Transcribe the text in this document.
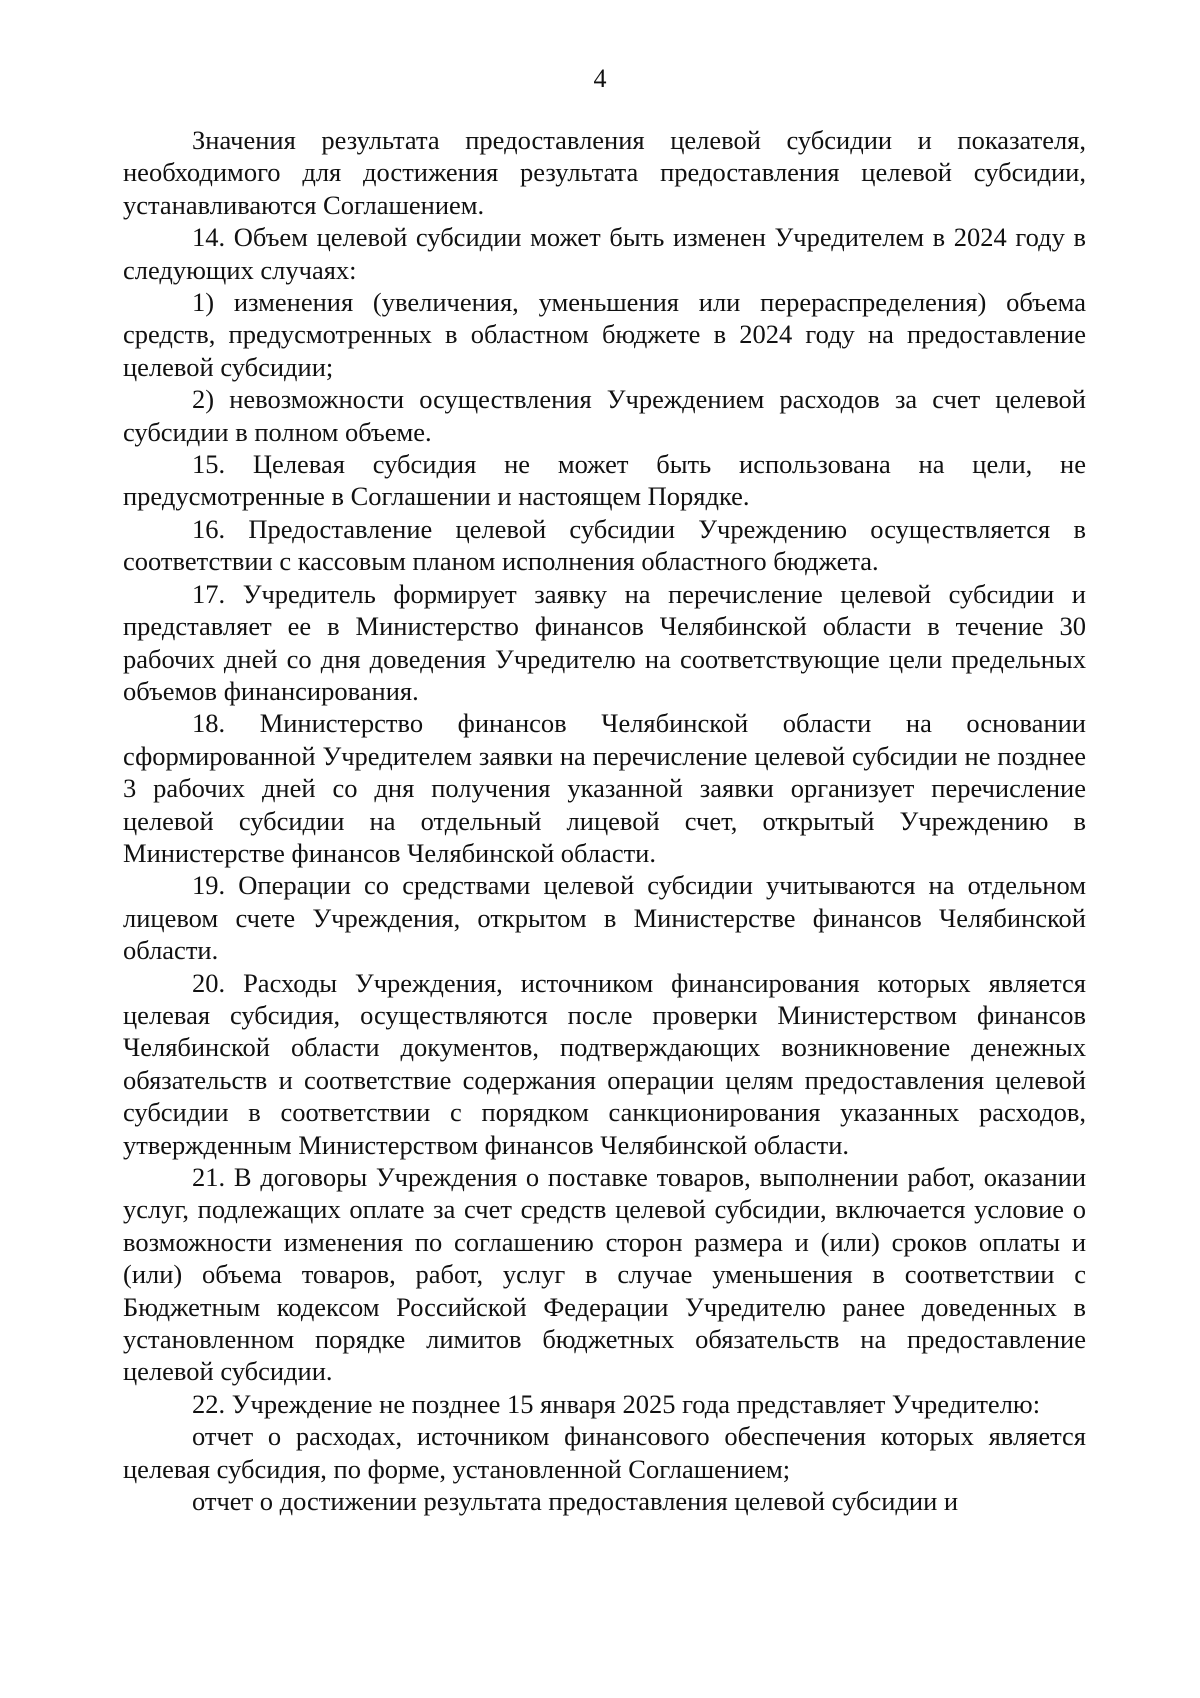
4

Значения результата предоставления целевой субсидии и показателя, необходимого для достижения результата предоставления целевой субсидии, устанавливаются Соглашением.

14. Объем целевой субсидии может быть изменен Учредителем в 2024 году в следующих случаях:

1) изменения (увеличения, уменьшения или перераспределения) объема средств, предусмотренных в областном бюджете в 2024 году на предоставление целевой субсидии;

2) невозможности осуществления Учреждением расходов за счет целевой субсидии в полном объеме.

15. Целевая субсидия не может быть использована на цели, не предусмотренные в Соглашении и настоящем Порядке.

16. Предоставление целевой субсидии Учреждению осуществляется в соответствии с кассовым планом исполнения областного бюджета.

17. Учредитель формирует заявку на перечисление целевой субсидии и представляет ее в Министерство финансов Челябинской области в течение 30 рабочих дней со дня доведения Учредителю на соответствующие цели предельных объемов финансирования.

18. Министерство финансов Челябинской области на основании сформированной Учредителем заявки на перечисление целевой субсидии не позднее 3 рабочих дней со дня получения указанной заявки организует перечисление целевой субсидии на отдельный лицевой счет, открытый Учреждению в Министерстве финансов Челябинской области.

19. Операции со средствами целевой субсидии учитываются на отдельном лицевом счете Учреждения, открытом в Министерстве финансов Челябинской области.

20. Расходы Учреждения, источником финансирования которых является целевая субсидия, осуществляются после проверки Министерством финансов Челябинской области документов, подтверждающих возникновение денежных обязательств и соответствие содержания операции целям предоставления целевой субсидии в соответствии с порядком санкционирования указанных расходов, утвержденным Министерством финансов Челябинской области.

21. В договоры Учреждения о поставке товаров, выполнении работ, оказании услуг, подлежащих оплате за счет средств целевой субсидии, включается условие о возможности изменения по соглашению сторон размера и (или) сроков оплаты и (или) объема товаров, работ, услуг в случае уменьшения в соответствии с Бюджетным кодексом Российской Федерации Учредителю ранее доведенных в установленном порядке лимитов бюджетных обязательств на предоставление целевой субсидии.

22. Учреждение не позднее 15 января 2025 года представляет Учредителю:

отчет о расходах, источником финансового обеспечения которых является целевая субсидия, по форме, установленной Соглашением;

отчет о достижении результата предоставления целевой субсидии и
